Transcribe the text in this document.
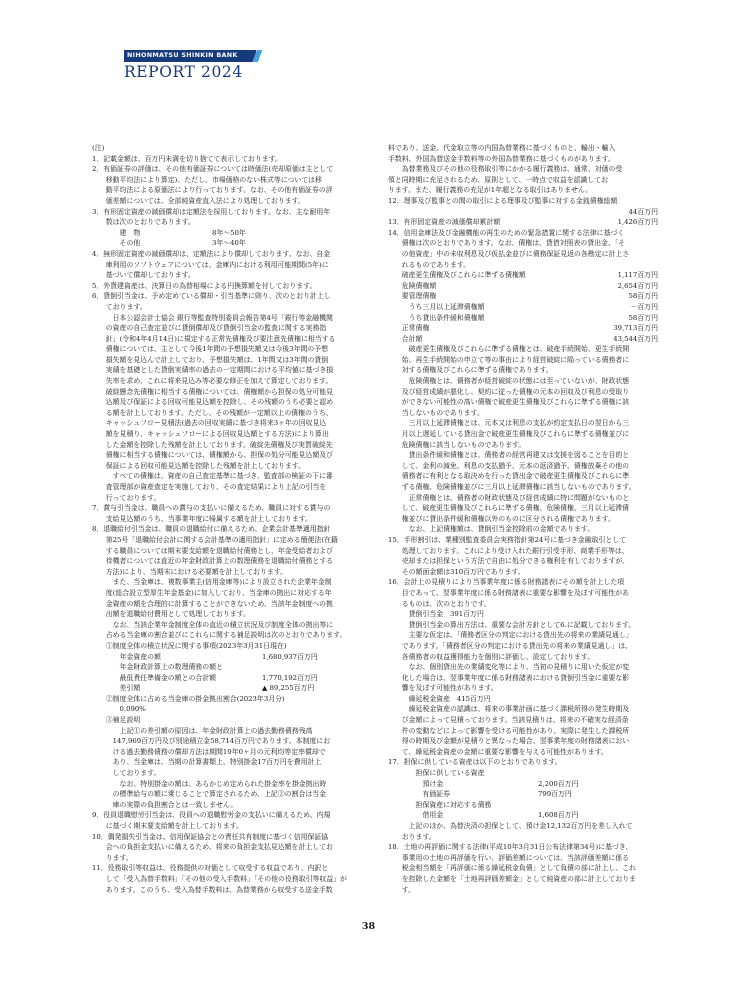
NIHONMATSU SHINKIN BANK
REPORT 2024

(注)

1．記載金額は、百万円未満を切り捨てて表示しております。

2．有価証券の評価は、その他有価証券については時価法(売却原価は主として

　　移動平均法により算定)、ただし、市場価格のない株式等については移

　　動平均法による原価法により行っております。なお、その他有価証券の評

　　価差額については、全部純資産直入法により処理しております。

3．有形固定資産の減価償却は定額法を採用しております。なお、主な耐用年

　　数は次のとおりであります。

　　　　建　物	8年～50年
　　　　その他	3年～40年

4．無形固定資産の減価償却は、定額法により償却しております。なお、自金

　　庫利用のソフトウェアについては、金庫内における利用可能期間(5年)に

　　基づいて償却しております。

5．外貨建資産は、決算日の為替相場による円換算額を付しております。

6．貸倒引当金は、予め定めている償却・引当基準に則り、次のとおり計上し

　　ております。

　　　日本公認会計士協会 銀行等監査特別委員会報告第4号「銀行等金融機関

　　の資産の自己査定並びに貸倒償却及び貸倒引当金の監査に関する実務指

　　針」(令和4年4月14日)に規定する正常先債権及び要注意先債権に相当する

　　債権については、主として今後1年間の予想損失額又は今後3年間の予想

　　損失額を見込んで計上しており、予想損失額は、1年間又は3年間の貸倒

　　実績を基礎とした貸倒実績率の過去の一定期間における平均値に基づき損

　　失率を求め、これに将来見込み等必要な修正を加えて算定しております。

　　破綻懸念先債権に相当する債権については、債権額から担保の処分可能見

　　込額及び保証による回収可能見込額を控除し、その残額のうち必要と認め

　　る額を計上しております。ただし、その残額が一定額以上の債権のうち、

　　キャッシュフロー見積法(過去の回収実績に基づき将来3ヶ年の回収見込

　　額を見積り、キャッシュフローによる回収見込額とする方法)により算出

　　した金額を控除した残額を計上しております。破綻先債権及び実質破綻先

　　債権に相当する債権については、債権額から、担保の処分可能見込額及び

　　保証による回収可能見込額を控除した残額を計上しております。

　　　すべての債権は、資産の自己査定基準に基づき、監査部の検証の下に審

　　査管理部が資産査定を実施しており、その査定結果により上記の引当を

　　行っております。

7．賞与引当金は、職員への賞与の支払いに備えるため、職員に対する賞与の

　　支給見込額のうち、当事業年度に帰属する額を計上しております。

8．退職給付引当金は、職員の退職給付に備えるため、企業会計基準適用指針

　　第25号「退職給付会計に関する会計基準の適用指針」に定める簡便法(在籍

　　する職員については期末要支給額を退職給付債務とし、年金受給者および

　　待機者については直近の年金財政計算上の数理債務を退職給付債務とする

　　方法)により、当期末における必要額を計上しております。

　　　また、当金庫は、複数事業主(信用金庫等)により設立された企業年金制

　　度(総合設立型厚生年金基金)に加入しており、当金庫の拠出に対応する年

　　金資産の額を合理的に計算することができないため、当該年金制度への拠

　　出額を退職給付費用として処理しております。

　　　なお、当該企業年金制度全体の直近の積立状況及び制度全体の拠出等に

　　占める当金庫の割合並びにこれらに関する補足説明は次のとおりであります。

　　①制度全体の積立状況に関する事項(2023年3月31日現在)

　　　　年金資産の額	1,680,937百万円

　　　　年金財政計算上の数理債務の額と

　　　　最低責任準備金の額との合計額	1,770,192百万円
　　　　差引額	▲ 89,255百万円

　　②制度全体に占める当金庫の掛金拠出割合(2023年3月分)

　　　　0.090%

　　③補足説明

　　　　上記①の差引額の原因は、年金財政計算上の過去勤務債務残高

　　　147,969百万円及び別途積立金58,714百万円であります。本制度にお

　　　ける過去勤務債務の償却方法は期間19年0ヶ月の元利均等定率償却で

　　　あり、当金庫は、当期の計算書類上、特別掛金17百万円を費用計上

　　　しております。

　　　　なお、特別掛金の額は、あらかじめ定められた掛金率を掛金拠出時

　　　の標準給与の額に乗じることで算定されるため、上記②の割合は当金

　　　庫の実際の負担割合とは一致しません。

9．役員退職慰労引当金は、役員への退職慰労金の支払いに備えるため、内規

　　に基づく期末要支給額を計上しております。

10．偶発損失引当金は、信用保証協会との責任共有制度に基づく信用保証協

　　会への負担金支払いに備えるため、将来の負担金支払見込額を計上してお

　　ります。

11．役務取引等収益は、役務提供の対価として収受する収益であり、内訳と

　　して「受入為替手数料」「その他の受入手数料」「その他の役務取引等収益」が

　　あります。このうち、受入為替手数料は、為替業務から収受する送金手数

料であり、送金、代金取立等の内国為替業務に基づくものと、輸出・輸入

手数料、外国為替送金手数料等の外国為替業務に基づくものがあります。

　　為替業務及びその他の役務取引等にかかる履行義務は、通常、対価の受

領と同時期に充足されるため、原則として、一時点で収益を認識してお

ります。また、履行義務の充足が1年超となる取引はありません。

12．理事及び監事との間の取引による理事及び監事に対する金銭債権総額

44百万円
13．有形固定資産の減価償却累計額	1,426百万円

14．信用金庫法及び金融機能の再生のための緊急措置に関する法律に基づく

　　債権は次のとおりであります。なお、債権は、貸借対照表の貸出金、「そ

　　の他資産」中の未収利息及び仮払金並びに債務保証見返の各勘定に計上さ

　　れるものであります。

　　破産更生債権及びこれらに準ずる債権額	1,117百万円
　　危険債権額	2,654百万円
　　要管理債権	58百万円
　　　うち三月以上延滞債権額	－百万円
　　　うち貸出条件緩和債権額	58百万円
　　正常債権	39,713百万円
　　合計額	43,544百万円

　　　破産更生債権及びこれらに準ずる債権とは、破産手続開始、更生手続開

　　始、再生手続開始の申立て等の事由により経営破綻に陥っている債務者に

　　対する債権及びこれらに準ずる債権であります。

　　　危険債権とは、債務者が経営破綻の状態には至っていないが、財政状態

　　及び経営成績が悪化し、契約に従った債権の元本の回収及び利息の受取り

　　ができない可能性の高い債権で破産更生債権及びこれらに準ずる債権に該

　　当しないものであります。

　　　三月以上延滞債権とは、元本又は利息の支払が約定支払日の翌日から三

　　月以上遅延している貸出金で破産更生債権及びこれらに準ずる債権並びに

　　危険債権に該当しないものであります。

　　　貸出条件緩和債権とは、債務者の経営再建又は支援を図ることを目的と

　　して、金利の減免、利息の支払猶予、元本の返済猶予、債権放棄その他の

　　債務者に有利となる取決めを行った貸出金で破産更生債権及びこれらに準

　　ずる債権、危険債権並びに三月以上延滞債権に該当しないものであります。

　　　正常債権とは、債務者の財政状態及び経営成績に特に問題がないものと

　　して、破産更生債権及びこれらに準ずる債権、危険債権、三月以上延滞債

　　権並びに貸出条件緩和債権以外のものに区分される債権であります。

　　　なお、上記債権額は、貸倒引当金控除前の金額であります。

15．手形割引は、業種別監査委員会実務指針第24号に基づき金融取引として

　　処理しております。これにより受け入れた銀行引受手形、商業手形等は、

　　売却または担保という方法で自由に処分できる権利を有しておりますが、

　　その額面金額は310百万円であります。

16．会計上の見積りにより当事業年度に係る財務諸表にその額を計上した項

　　目であって、翌事業年度に係る財務諸表に重要な影響を及ぼす可能性があ

　　るものは、次のとおりです。

　　　貸倒引当金　391百万円

　　　貸倒引当金の算出方法は、重要な会計方針として6.に記載しております。

　　　主要な仮定は、「債務者区分の判定における貸出先の将来の業績見通し」

　　であります。「債務者区分の判定における貸出先の将来の業績見通し」は、

　　各債務者の収益獲得能力を個別に評価し、設定しております。

　　　なお、個別貸出先の業績変化等により、当初の見積りに用いた仮定が変

　　化した場合は、翌事業年度に係る財務諸表における貸倒引当金に重要な影

　　響を及ぼす可能性があります。

　　　繰延税金資産　415百万円

　　　繰延税金資産の認識は、将来の事業計画に基づく課税所得の発生時期及

　　び金額によって見積っております。当該見積りは、将来の不確実な経済条

　　件の変動などによって影響を受ける可能性があり、実際に発生した課税所

　　得の時期及び金額が見積りと異なった場合、翌事業年度の財務諸表におい

　　て、繰延税金資産の金額に重要な影響を与える可能性があります。

17．担保に供している資産は以下のとおりであります。

　　　　担保に供している資産

　　　　　預け金	2,200百万円
　　　　　有価証券	799百万円

　　　　担保資産に対応する債務

　　　　　借用金	1,608百万円

　　　上記のほか、為替決済の担保として、預け金12,132百万円を差し入れて

　　おります。

18．土地の再評価に関する法律(平成10年3月31日公布法律第34号)に基づき、

　　事業用の土地の再評価を行い、評価差額については、当該評価差額に係る

　　税金相当額を「再評価に係る繰延税金負債」として負債の部に計上し、これ

　　を控除した金額を「土地再評価差額金」として純資産の部に計上しておりま

　　す。

38
